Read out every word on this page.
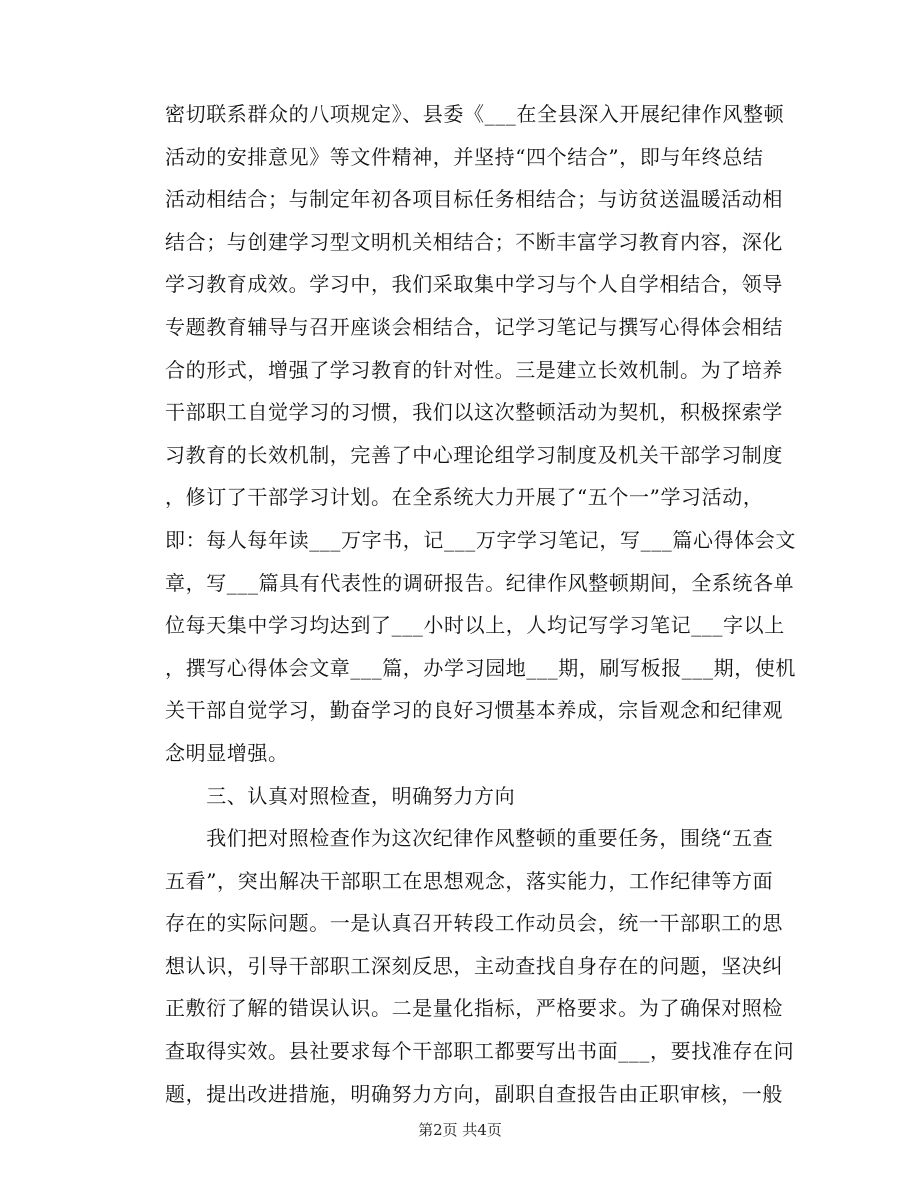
密切联系群众的八项规定》、县委《___在全县深入开展纪律作风整顿
活动的安排意见》等文件精神，并坚持“四个结合”，即与年终总结
活动相结合；与制定年初各项目标任务相结合；与访贫送温暖活动相
结合；与创建学习型文明机关相结合；不断丰富学习教育内容，深化
学习教育成效。学习中，我们采取集中学习与个人自学相结合，领导
专题教育辅导与召开座谈会相结合，记学习笔记与撰写心得体会相结
合的形式，增强了学习教育的针对性。三是建立长效机制。为了培养
干部职工自觉学习的习惯，我们以这次整顿活动为契机，积极探索学
习教育的长效机制，完善了中心理论组学习制度及机关干部学习制度
，修订了干部学习计划。在全系统大力开展了“五个一”学习活动，
即：每人每年读___万字书，记___万字学习笔记，写___篇心得体会文
章，写___篇具有代表性的调研报告。纪律作风整顿期间，全系统各单
位每天集中学习均达到了___小时以上，人均记写学习笔记___字以上
，撰写心得体会文章___篇，办学习园地___期，刷写板报___期，使机
关干部自觉学习，勤奋学习的良好习惯基本养成，宗旨观念和纪律观
念明显增强。
　　三、认真对照检查，明确努力方向
　　我们把对照检查作为这次纪律作风整顿的重要任务，围绕“五查
五看”，突出解决干部职工在思想观念，落实能力，工作纪律等方面
存在的实际问题。一是认真召开转段工作动员会，统一干部职工的思
想认识，引导干部职工深刻反思，主动查找自身存在的问题，坚决纠
正敷衍了解的错误认识。二是量化指标，严格要求。为了确保对照检
查取得实效。县社要求每个干部职工都要写出书面___，要找准存在问
题，提出改进措施，明确努力方向，副职自查报告由正职审核，一般
第2页 共4页
